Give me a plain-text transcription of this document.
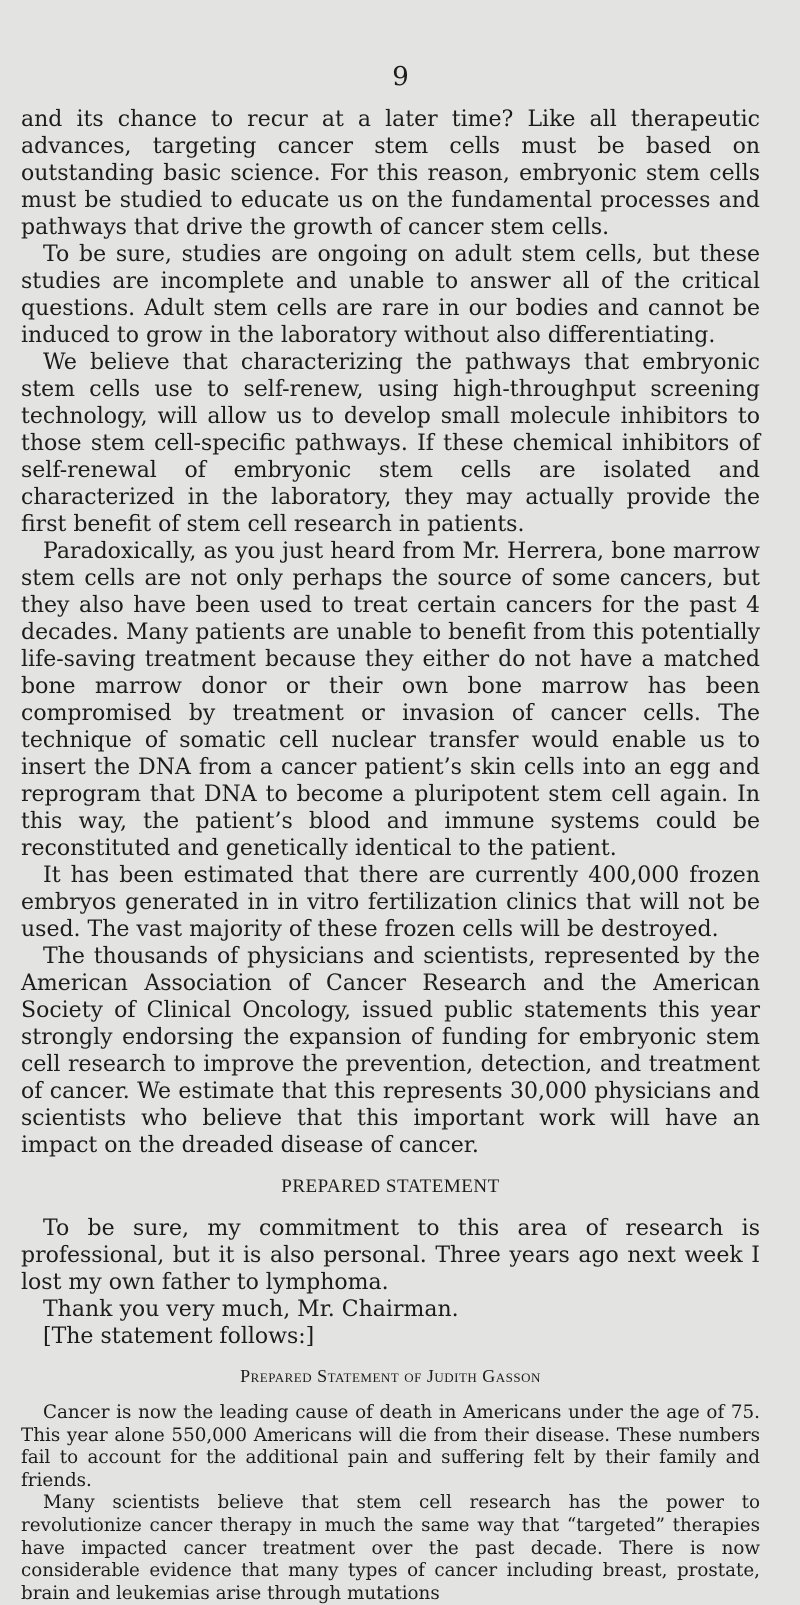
9

and its chance to recur at a later time? Like all therapeutic advances, targeting cancer stem cells must be based on outstanding basic science. For this reason, embryonic stem cells must be studied to educate us on the fundamental processes and pathways that drive the growth of cancer stem cells.

To be sure, studies are ongoing on adult stem cells, but these studies are incomplete and unable to answer all of the critical questions. Adult stem cells are rare in our bodies and cannot be induced to grow in the laboratory without also differentiating.

We believe that characterizing the pathways that embryonic stem cells use to self-renew, using high-throughput screening technology, will allow us to develop small molecule inhibitors to those stem cell-specific pathways. If these chemical inhibitors of self-renewal of embryonic stem cells are isolated and characterized in the laboratory, they may actually provide the first benefit of stem cell research in patients.

Paradoxically, as you just heard from Mr. Herrera, bone marrow stem cells are not only perhaps the source of some cancers, but they also have been used to treat certain cancers for the past 4 decades. Many patients are unable to benefit from this potentially life-saving treatment because they either do not have a matched bone marrow donor or their own bone marrow has been compromised by treatment or invasion of cancer cells. The technique of somatic cell nuclear transfer would enable us to insert the DNA from a cancer patient’s skin cells into an egg and reprogram that DNA to become a pluripotent stem cell again. In this way, the patient’s blood and immune systems could be reconstituted and genetically identical to the patient.

It has been estimated that there are currently 400,000 frozen embryos generated in in vitro fertilization clinics that will not be used. The vast majority of these frozen cells will be destroyed.

The thousands of physicians and scientists, represented by the American Association of Cancer Research and the American Society of Clinical Oncology, issued public statements this year strongly endorsing the expansion of funding for embryonic stem cell research to improve the prevention, detection, and treatment of cancer. We estimate that this represents 30,000 physicians and scientists who believe that this important work will have an impact on the dreaded disease of cancer.

PREPARED STATEMENT

To be sure, my commitment to this area of research is professional, but it is also personal. Three years ago next week I lost my own father to lymphoma.

Thank you very much, Mr. Chairman.

[The statement follows:]

Prepared Statement of Judith Gasson

Cancer is now the leading cause of death in Americans under the age of 75. This year alone 550,000 Americans will die from their disease. These numbers fail to account for the additional pain and suffering felt by their family and friends.

Many scientists believe that stem cell research has the power to revolutionize cancer therapy in much the same way that “targeted” therapies have impacted cancer treatment over the past decade. There is now considerable evidence that many types of cancer including breast, prostate, brain and leukemias arise through mutations
